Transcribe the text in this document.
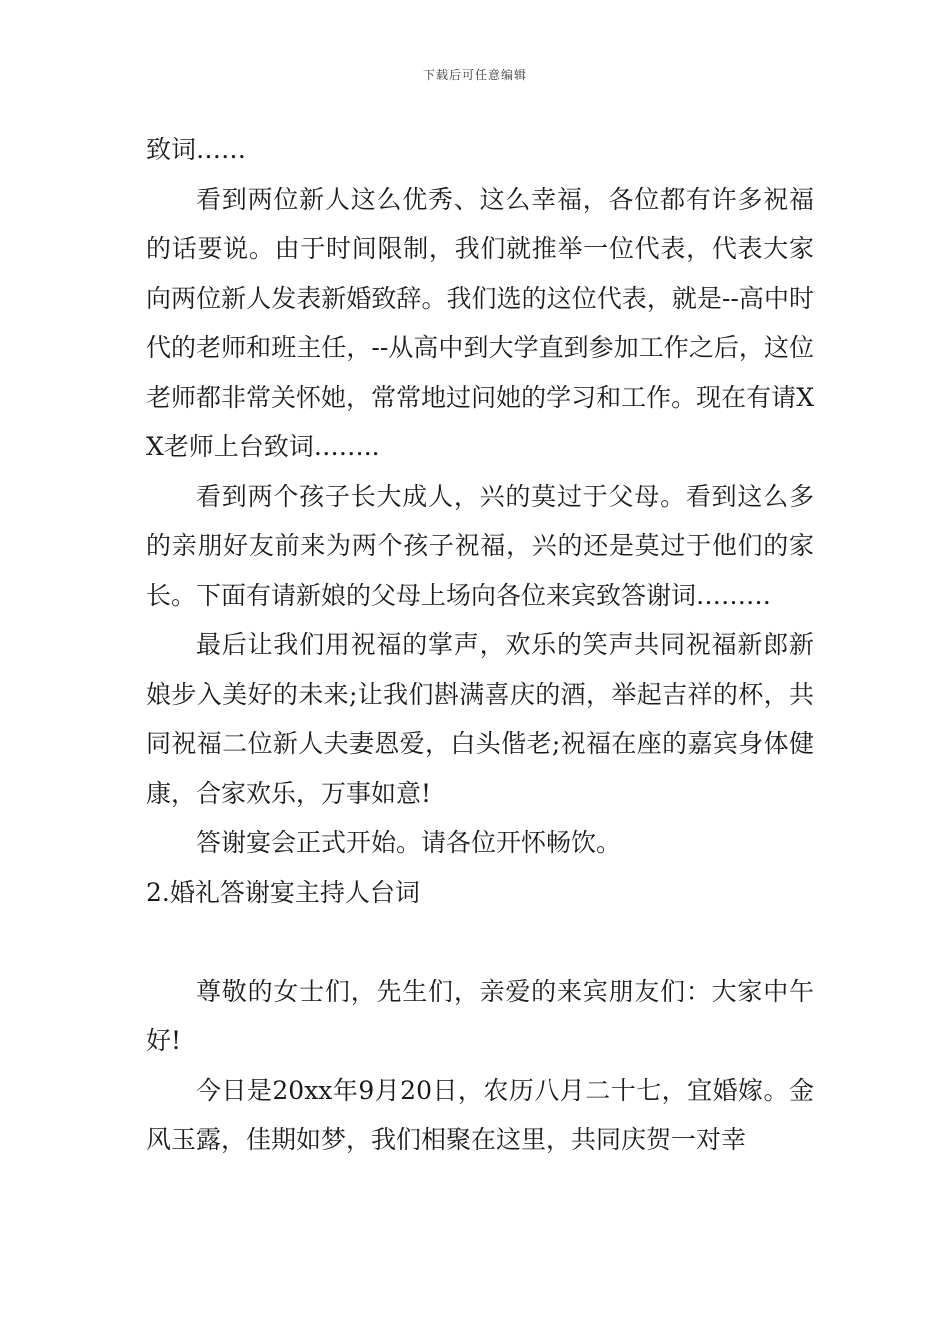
下载后可任意编辑

致词……

看到两位新人这么优秀、这么幸福，各位都有许多祝福的话要说。由于时间限制，我们就推举一位代表，代表大家向两位新人发表新婚致辞。我们选的这位代表，就是--高中时代的老师和班主任，--从高中到大学直到参加工作之后，这位老师都非常关怀她，常常地过问她的学习和工作。现在有请XX老师上台致词…….．

看到两个孩子长大成人，兴的莫过于父母。看到这么多的亲朋好友前来为两个孩子祝福，兴的还是莫过于他们的家长。下面有请新娘的父母上场向各位来宾致答谢词………

最后让我们用祝福的掌声，欢乐的笑声共同祝福新郎新娘步入美好的未来;让我们斟满喜庆的酒，举起吉祥的杯，共同祝福二位新人夫妻恩爱，白头偕老;祝福在座的嘉宾身体健康，合家欢乐，万事如意!

答谢宴会正式开始。请各位开怀畅饮。

2.婚礼答谢宴主持人台词

尊敬的女士们，先生们，亲爱的来宾朋友们：大家中午好!

今日是20xx年9月20日，农历八月二十七，宜婚嫁。金风玉露，佳期如梦，我们相聚在这里，共同庆贺一对幸
